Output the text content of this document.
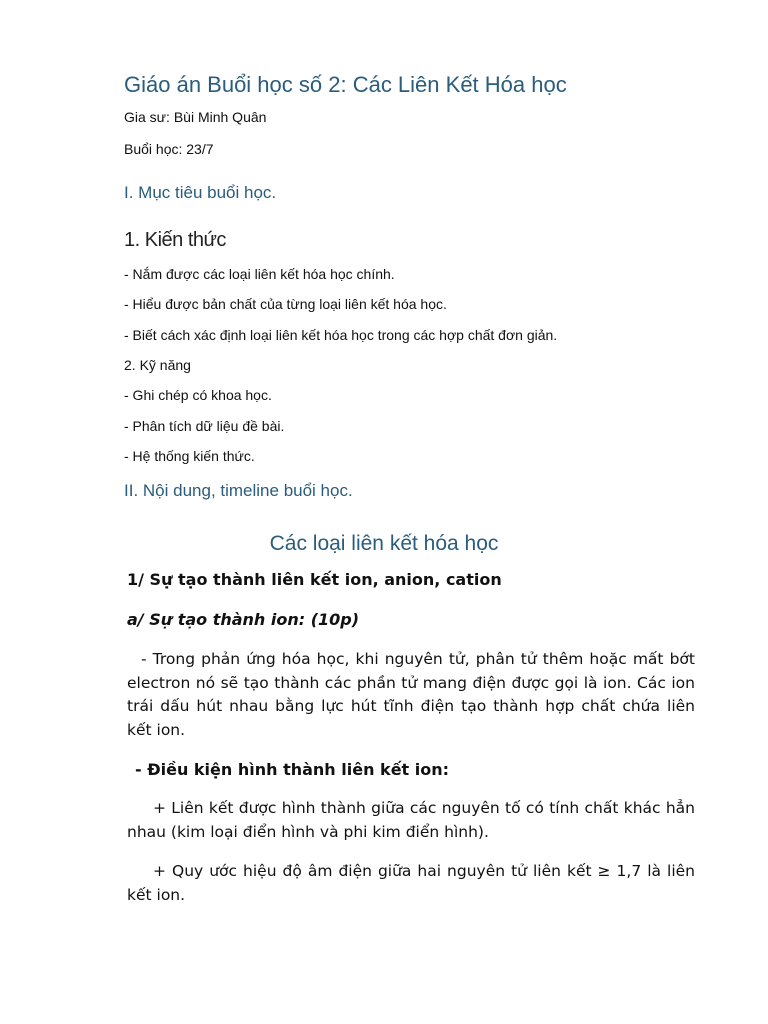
Giáo án Buổi học số 2: Các Liên Kết Hóa học
Gia sư: Bùi Minh Quân
Buổi học: 23/7
I. Mục tiêu buổi học.
1. Kiến thức
- Nắm được các loại liên kết hóa học chính.
- Hiểu được bản chất của từng loại liên kết hóa học.
- Biết cách xác định loại liên kết hóa học trong các hợp chất đơn giản.
2. Kỹ năng
- Ghi chép có khoa học.
- Phân tích dữ liệu đề bài.
- Hệ thống kiến thức.
II. Nội dung, timeline buổi học.
Các loại liên kết hóa học
1/ Sự tạo thành liên kết ion, anion, cation
a/ Sự tạo thành ion: (10p)
- Trong phản ứng hóa học, khi nguyên tử, phân tử thêm hoặc mất bớt electron nó sẽ tạo thành các phần tử mang điện được gọi là ion. Các ion trái dấu hút nhau bằng lực hút tĩnh điện tạo thành hợp chất chứa liên kết ion.
- Điều kiện hình thành liên kết ion:
+ Liên kết được hình thành giữa các nguyên tố có tính chất khác hẳn nhau (kim loại điển hình và phi kim điển hình).
+ Quy ước hiệu độ âm điện giữa hai nguyên tử liên kết ≥ 1,7 là liên kết ion.
